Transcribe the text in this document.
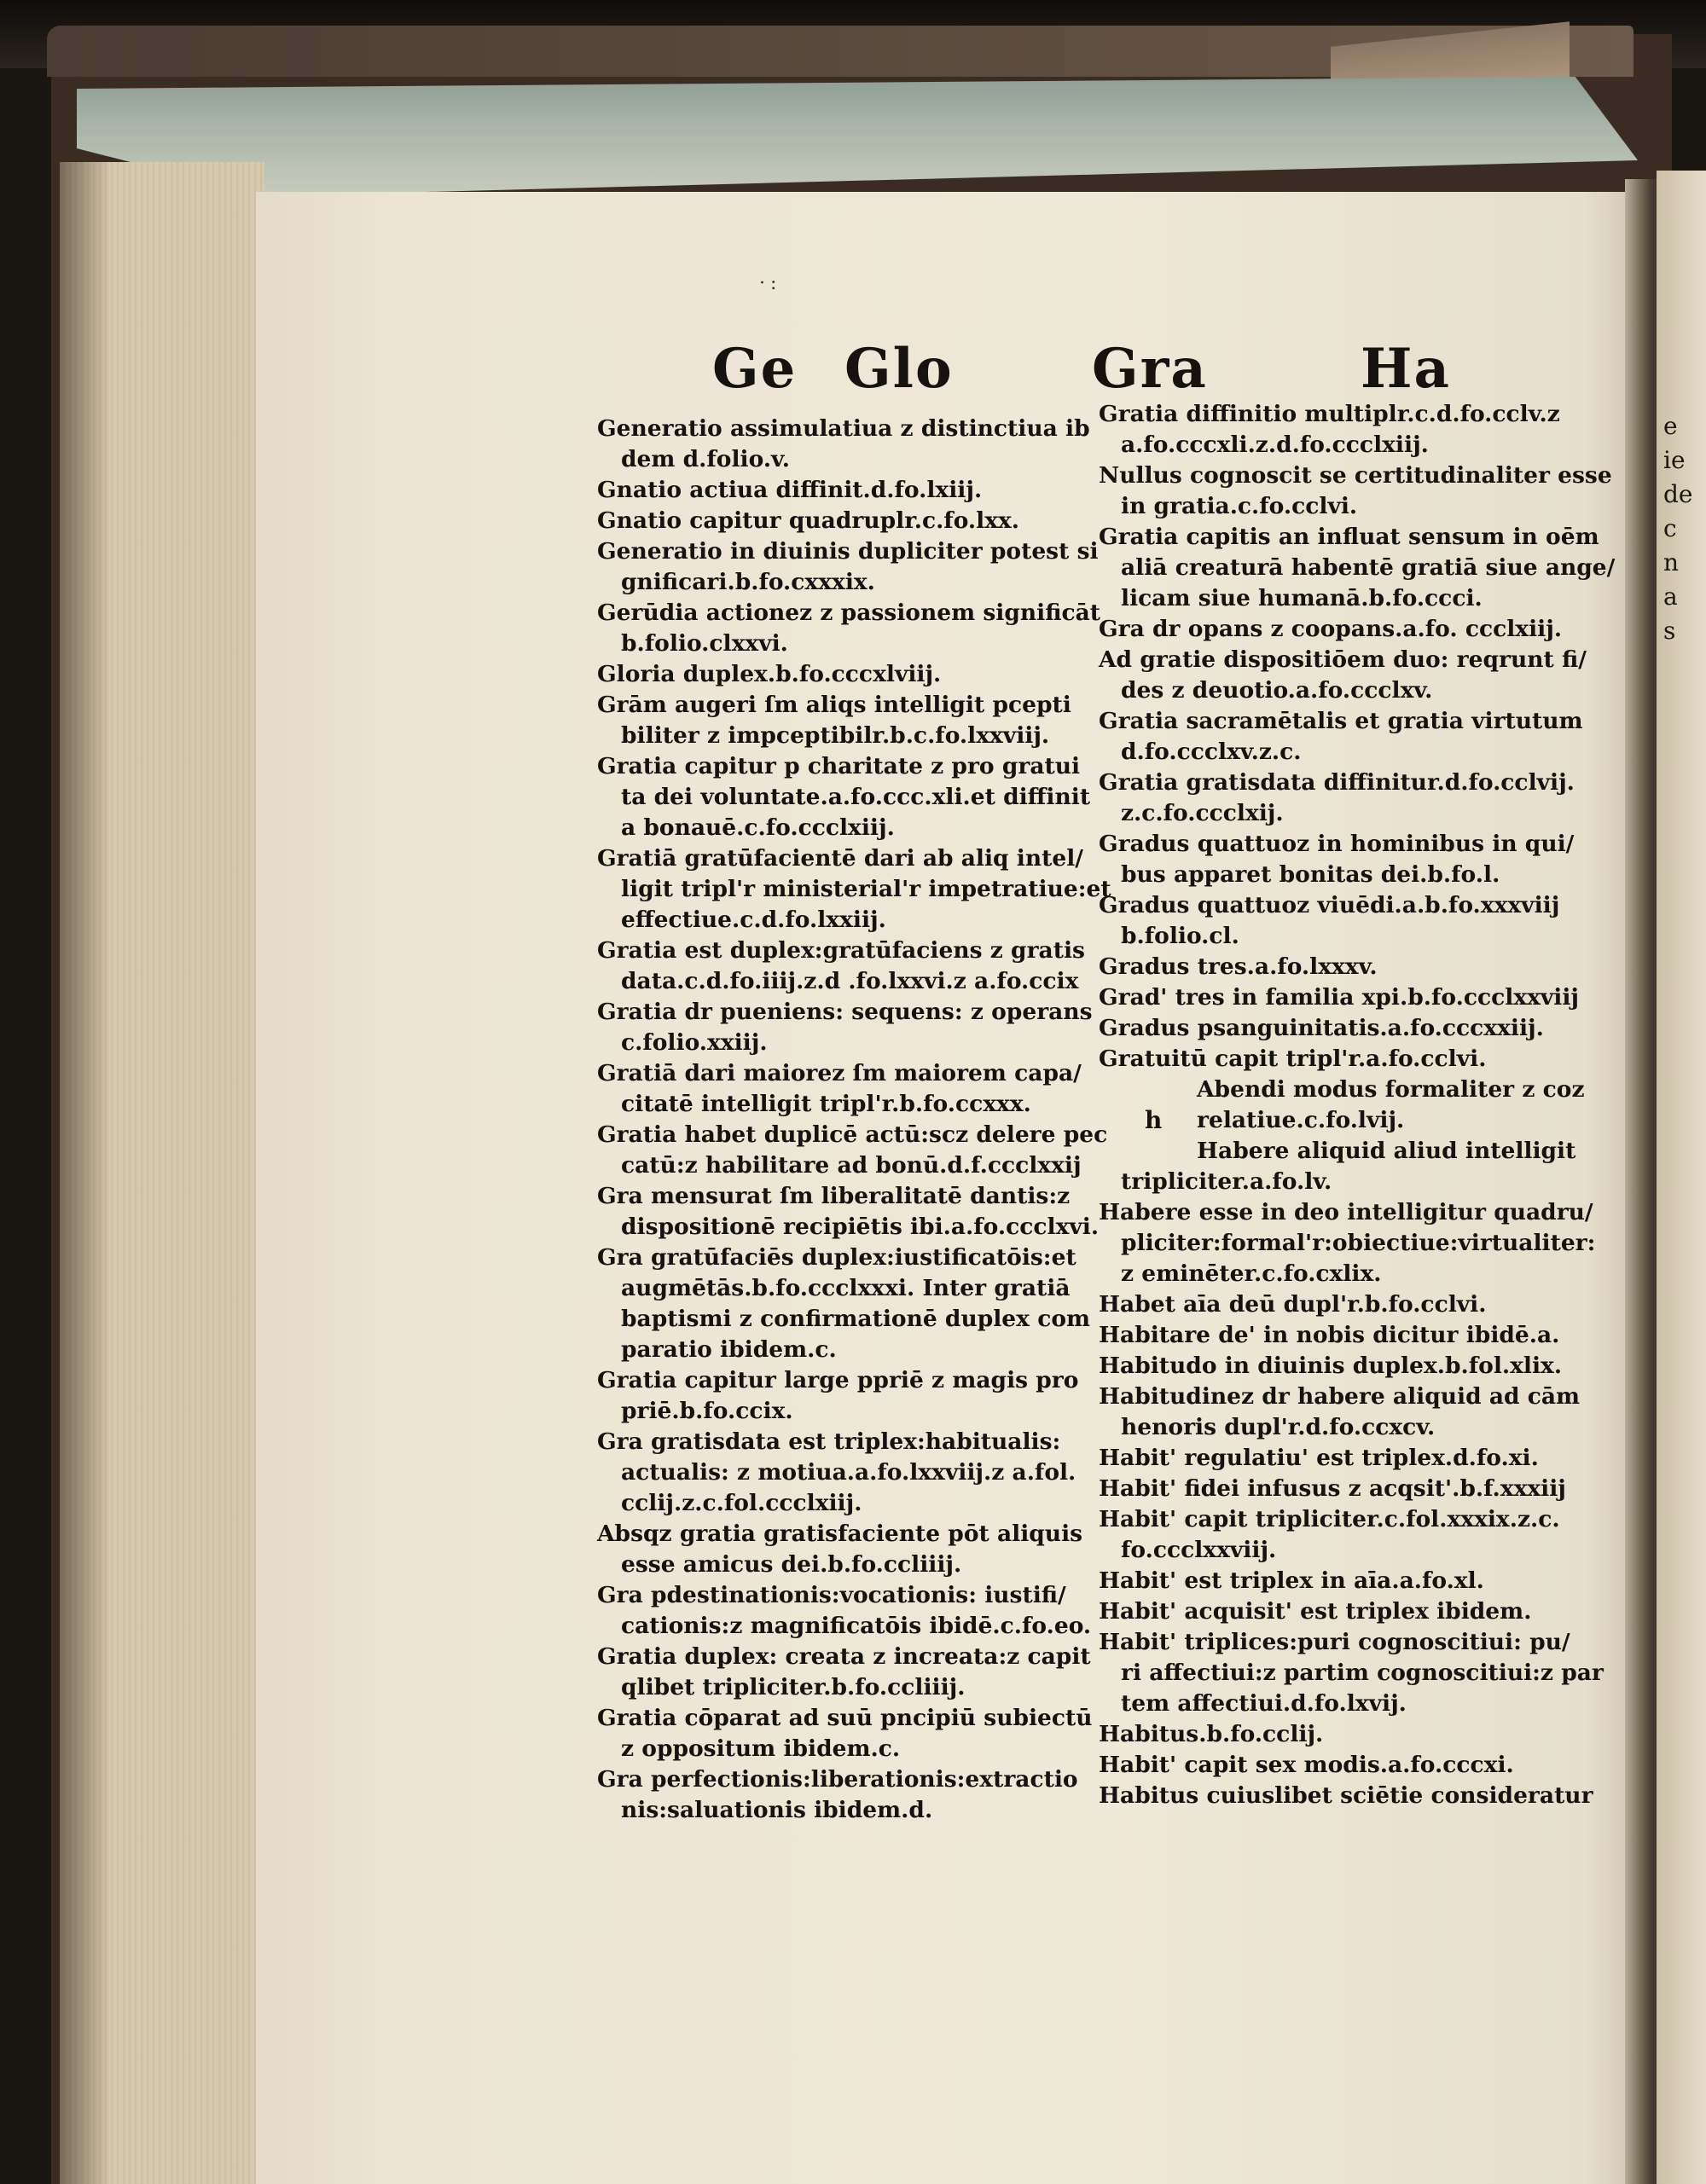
e
ie
de
c
n
a
s
·:
Ge Glo	Gra	Ha
Generatio assimulatiua z distinctiua ib
dem d.folio.v.
Gnatio actiua diffinit.d.fo.lxiij.
Gnatio capitur quadruplr.c.fo.lxx.
Generatio in diuinis dupliciter potest si
gnificari.b.fo.cxxxix.
Gerūdia actionez z passionem significāt
b.folio.clxxvi.
Gloria duplex.b.fo.cccxlviij.
Grām augeri ſm aliqs intelligit pcepti
biliter z impceptibilr.b.c.fo.lxxviij.
Gratia capitur p charitate z pro gratui
ta dei voluntate.a.fo.ccc.xli.et diffinit
a bonauē.c.fo.ccclxiij.
Gratiā gratūfacientē dari ab aliq intel/
ligit tripl'r ministerial'r impetratiue:et
effectiue.c.d.fo.lxxiij.
Gratia est duplex:gratūfaciens z gratis
data.c.d.fo.iiij.z.d .fo.lxxvi.z a.fo.ccix
Gratia dr pueniens: sequens: z operans
c.folio.xxiij.
Gratiā dari maiorez ſm maiorem capa/
citatē intelligit tripl'r.b.fo.ccxxx.
Gratia habet duplicē actū:scz delere pec
catū:z habilitare ad bonū.d.f.ccclxxij
Gra mensurat ſm liberalitatē dantis:z
dispositionē recipiētis ibi.a.fo.ccclxvi.
Gra gratūfaciēs duplex:iustificatōis:et
augmētās.b.fo.ccclxxxi. Inter gratiā
baptismi z confirmationē duplex com
paratio ibidem.c.
Gratia capitur large ppriē z magis pro
priē.b.fo.ccix.
Gra gratisdata est triplex:habitualis:
actualis: z motiua.a.fo.lxxviij.z a.fol.
cclij.z.c.fol.ccclxiij.
Absqz gratia gratisfaciente pōt aliquis
esse amicus dei.b.fo.ccliiij.
Gra pdestinationis:vocationis: iustifi/
cationis:z magnificatōis ibidē.c.fo.eo.
Gratia duplex: creata z increata:z capit
qlibet tripliciter.b.fo.ccliiij.
Gratia cōparat ad suū pncipiū subiectū
z oppositum ibidem.c.
Gra perfectionis:liberationis:extractio
nis:saluationis ibidem.d.
Gratia diffinitio multiplr.c.d.fo.cclv.z
a.fo.cccxli.z.d.fo.ccclxiij.
Nullus cognoscit se certitudinaliter esse
in gratia.c.fo.cclvi.
Gratia capitis an influat sensum in oēm
aliā creaturā habentē gratiā siue ange/
licam siue humanā.b.fo.ccci.
Gra dr opans z coopans.a.fo. ccclxiij.
Ad gratie dispositiōem duo: reqrunt fi/
des z deuotio.a.fo.ccclxv.
Gratia sacramētalis et gratia virtutum
d.fo.ccclxv.z.c.
Gratia gratisdata diffinitur.d.fo.cclvij.
z.c.fo.ccclxij.
Gradus quattuoz in hominibus in qui/
bus apparet bonitas dei.b.fo.l.
Gradus quattuoz viuēdi.a.b.fo.xxxviij
b.folio.cl.
Gradus tres.a.fo.lxxxv.
Grad' tres in familia xpi.b.fo.ccclxxviij
Gradus psanguinitatis.a.fo.cccxxiij.
Gratuitū capit tripl'r.a.fo.cclvi.
h
Abendi modus formaliter z coz
relatiue.c.fo.lvij.
Habere aliquid aliud intelligit
tripliciter.a.fo.lv.
Habere esse in deo intelligitur quadru/
pliciter:formal'r:obiectiue:virtualiter:
z eminēter.c.fo.cxlix.
Habet aīa deū dupl'r.b.fo.cclvi.
Habitare de' in nobis dicitur ibidē.a.
Habitudo in diuinis duplex.b.fol.xlix.
Habitudinez dr habere aliquid ad cām
henoris dupl'r.d.fo.ccxcv.
Habit' regulatiu' est triplex.d.fo.xi.
Habit' fidei infusus z acqsit'.b.f.xxxiij
Habit' capit tripliciter.c.fol.xxxix.z.c.
fo.ccclxxviij.
Habit' est triplex in aīa.a.fo.xl.
Habit' acquisit' est triplex ibidem.
Habit' triplices:puri cognoscitiui: pu/
ri affectiui:z partim cognoscitiui:z par
tem affectiui.d.fo.lxvij.
Habitus.b.fo.cclij.
Habit' capit sex modis.a.fo.cccxi.
Habitus cuiuslibet sciētie consideratur
